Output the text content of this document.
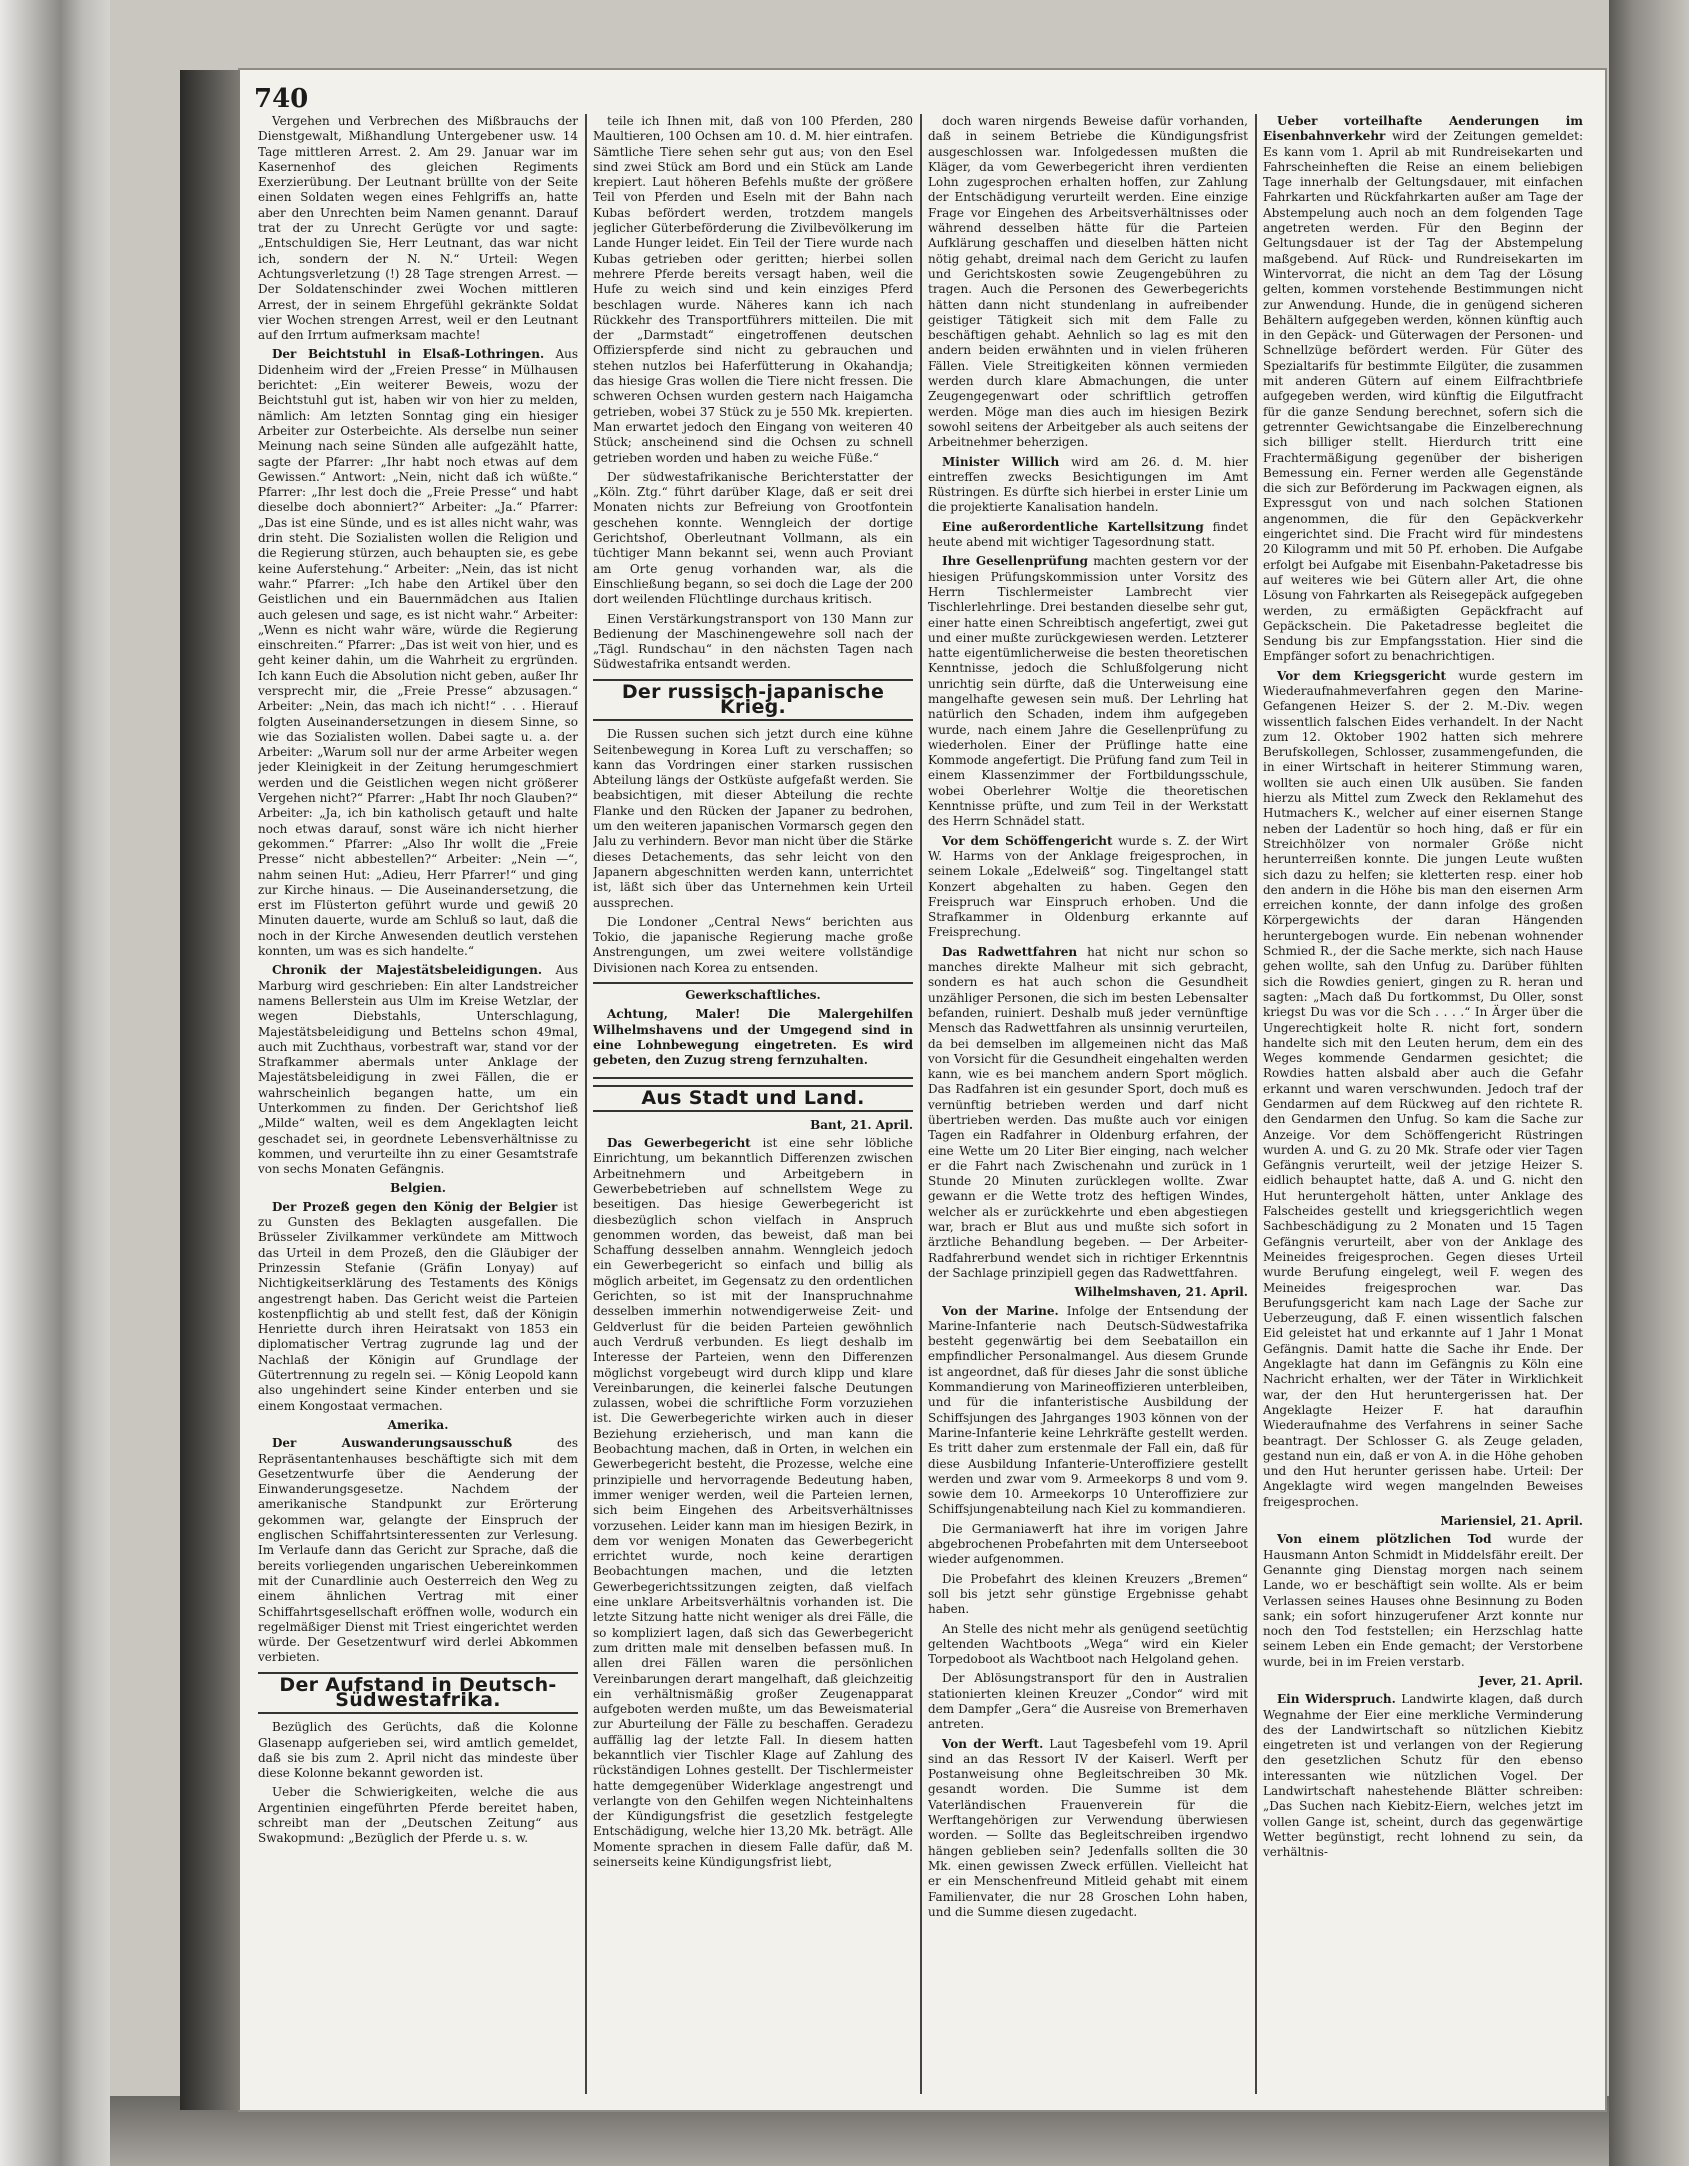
740

Vergehen und Verbrechen des Mißbrauchs der Dienstgewalt, Mißhandlung Untergebener usw. 14 Tage mittleren Arrest. 2. Am 29. Januar war im Kasernenhof des gleichen Regiments Exerzierübung. Der Leutnant brüllte von der Seite einen Soldaten wegen eines Fehlgriffs an, hatte aber den Unrechten beim Namen genannt. Darauf trat der zu Unrecht Gerügte vor und sagte: „Entschuldigen Sie, Herr Leutnant, das war nicht ich, sondern der N. N.“ Urteil: Wegen Achtungsverletzung (!) 28 Tage strengen Arrest. — Der Soldatenschinder zwei Wochen mittleren Arrest, der in seinem Ehrgefühl gekränkte Soldat vier Wochen strengen Arrest, weil er den Leutnant auf den Irrtum aufmerksam machte!

Der Beichtstuhl in Elsaß-Lothringen. Aus Didenheim wird der „Freien Presse“ in Mülhausen berichtet: „Ein weiterer Beweis, wozu der Beichtstuhl gut ist, haben wir von hier zu melden, nämlich: Am letzten Sonntag ging ein hiesiger Arbeiter zur Osterbeichte. Als derselbe nun seiner Meinung nach seine Sünden alle aufgezählt hatte, sagte der Pfarrer: „Ihr habt noch etwas auf dem Gewissen.“ Antwort: „Nein, nicht daß ich wüßte.“ Pfarrer: „Ihr lest doch die „Freie Presse“ und habt dieselbe doch abonniert?“ Arbeiter: „Ja.“ Pfarrer: „Das ist eine Sünde, und es ist alles nicht wahr, was drin steht. Die Sozialisten wollen die Religion und die Regierung stürzen, auch behaupten sie, es gebe keine Auferstehung.“ Arbeiter: „Nein, das ist nicht wahr.“ Pfarrer: „Ich habe den Artikel über den Geistlichen und ein Bauernmädchen aus Italien auch gelesen und sage, es ist nicht wahr.“ Arbeiter: „Wenn es nicht wahr wäre, würde die Regierung einschreiten.“ Pfarrer: „Das ist weit von hier, und es geht keiner dahin, um die Wahrheit zu ergründen. Ich kann Euch die Absolution nicht geben, außer Ihr versprecht mir, die „Freie Presse“ abzusagen.“ Arbeiter: „Nein, das mach ich nicht!“ . . . Hierauf folgten Auseinandersetzungen in diesem Sinne, so wie das Sozialisten wollen. Dabei sagte u. a. der Arbeiter: „Warum soll nur der arme Arbeiter wegen jeder Kleinigkeit in der Zeitung herumgeschmiert werden und die Geistlichen wegen nicht größerer Vergehen nicht?“ Pfarrer: „Habt Ihr noch Glauben?“ Arbeiter: „Ja, ich bin katholisch getauft und halte noch etwas darauf, sonst wäre ich nicht hierher gekommen.“ Pfarrer: „Also Ihr wollt die „Freie Presse“ nicht abbestellen?“ Arbeiter: „Nein —“, nahm seinen Hut: „Adieu, Herr Pfarrer!“ und ging zur Kirche hinaus. — Die Auseinandersetzung, die erst im Flüsterton geführt wurde und gewiß 20 Minuten dauerte, wurde am Schluß so laut, daß die noch in der Kirche Anwesenden deutlich verstehen konnten, um was es sich handelte.“

Chronik der Majestätsbeleidigungen. Aus Marburg wird geschrieben: Ein alter Landstreicher namens Bellerstein aus Ulm im Kreise Wetzlar, der wegen Diebstahls, Unterschlagung, Majestätsbeleidigung und Bettelns schon 49mal, auch mit Zuchthaus, vorbestraft war, stand vor der Strafkammer abermals unter Anklage der Majestätsbeleidigung in zwei Fällen, die er wahrscheinlich begangen hatte, um ein Unterkommen zu finden. Der Gerichtshof ließ „Milde“ walten, weil es dem Angeklagten leicht geschadet sei, in geordnete Lebensverhältnisse zu kommen, und verurteilte ihn zu einer Gesamtstrafe von sechs Monaten Gefängnis.

Belgien.

Der Prozeß gegen den König der Belgier ist zu Gunsten des Beklagten ausgefallen. Die Brüsseler Zivilkammer verkündete am Mittwoch das Urteil in dem Prozeß, den die Gläubiger der Prinzessin Stefanie (Gräfin Lonyay) auf Nichtigkeitserklärung des Testaments des Königs angestrengt haben. Das Gericht weist die Parteien kostenpflichtig ab und stellt fest, daß der Königin Henriette durch ihren Heiratsakt von 1853 ein diplomatischer Vertrag zugrunde lag und der Nachlaß der Königin auf Grundlage der Gütertrennung zu regeln sei. — König Leopold kann also ungehindert seine Kinder enterben und sie einem Kongostaat vermachen.

Amerika.

Der Auswanderungsausschuß	des Repräsentantenhauses beschäftigte sich mit dem Gesetzentwurfe über die Aenderung der Einwanderungsgesetze. Nachdem der amerikanische Standpunkt zur Erörterung gekommen war, gelangte der Einspruch der englischen Schiffahrtsinteressenten zur Verlesung. Im Verlaufe dann das Gericht zur Sprache, daß die bereits vorliegenden ungarischen Uebereinkommen mit der Cunardlinie auch Oesterreich den Weg zu einem ähnlichen Vertrag mit einer Schiffahrtsgesellschaft eröffnen wolle, wodurch ein regelmäßiger Dienst mit Triest eingerichtet werden würde. Der Gesetzentwurf wird derlei Abkommen verbieten.

Der Aufstand in Deutsch-Südwestafrika.

Bezüglich des Gerüchts, daß die Kolonne Glasenapp aufgerieben sei, wird amtlich gemeldet, daß sie bis zum 2. April nicht das mindeste über diese Kolonne bekannt geworden ist.

Ueber die Schwierigkeiten, welche die aus Argentinien eingeführten Pferde bereitet haben, schreibt man der „Deutschen Zeitung“ aus Swakopmund: „Bezüglich der Pferde u. s. w.

teile ich Ihnen mit, daß von 100 Pferden, 280 Maultieren, 100 Ochsen am 10. d. M. hier eintrafen. Sämtliche Tiere sehen sehr gut aus; von den Esel sind zwei Stück am Bord und ein Stück am Lande krepiert. Laut höheren Befehls mußte der größere Teil von Pferden und Eseln mit der Bahn nach Kubas befördert werden, trotzdem mangels jeglicher Güterbeförderung die Zivilbevölkerung im Lande Hunger leidet. Ein Teil der Tiere wurde nach Kubas getrieben oder geritten; hierbei sollen mehrere Pferde bereits versagt haben, weil die Hufe zu weich sind und kein einziges Pferd beschlagen wurde. Näheres kann ich nach Rückkehr des Transportführers mitteilen. Die mit der „Darmstadt“ eingetroffenen deutschen Offizierspferde sind nicht zu gebrauchen und stehen nutzlos bei Haferfütterung in Okahandja; das hiesige Gras wollen die Tiere nicht fressen. Die schweren Ochsen wurden gestern nach Haigamcha getrieben, wobei 37 Stück zu je 550 Mk. krepierten. Man erwartet jedoch den Eingang von weiteren 40 Stück; anscheinend sind die Ochsen zu schnell getrieben worden und haben zu weiche Füße.“

Der südwestafrikanische Berichterstatter der „Köln. Ztg.“ führt darüber Klage, daß er seit drei Monaten nichts zur Befreiung von Grootfontein geschehen konnte. Wenngleich der dortige Gerichtshof, Oberleutnant Vollmann, als ein tüchtiger Mann bekannt sei, wenn auch Proviant am Orte genug vorhanden war, als die Einschließung begann, so sei doch die Lage der 200 dort weilenden Flüchtlinge durchaus kritisch.

Einen Verstärkungstransport von 130 Mann zur Bedienung der Maschinengewehre soll nach der „Tägl. Rundschau“ in den nächsten Tagen nach Südwestafrika entsandt werden.

Der russisch-japanische Krieg.

Die Russen suchen sich jetzt durch eine kühne Seitenbewegung in Korea Luft zu verschaffen; so kann das Vordringen einer starken russischen Abteilung längs der Ostküste aufgefaßt werden. Sie beabsichtigen, mit dieser Abteilung die rechte Flanke und den Rücken der Japaner zu bedrohen, um den weiteren japanischen Vormarsch gegen den Jalu zu verhindern. Bevor man nicht über die Stärke dieses Detachements, das sehr leicht von den Japanern abgeschnitten werden kann, unterrichtet ist, läßt sich über das Unternehmen kein Urteil aussprechen.

Die Londoner „Central News“ berichten aus Tokio, die japanische Regierung mache große Anstrengungen, um zwei weitere vollständige Divisionen nach Korea zu entsenden.

Gewerkschaftliches.

Achtung, Maler! Die Malergehilfen Wilhelmshavens und der Umgegend sind in eine Lohnbewegung eingetreten. Es wird gebeten, den Zuzug streng fernzuhalten.

Aus Stadt und Land.
Bant, 21. April.

Das Gewerbegericht ist eine sehr löbliche Einrichtung, um bekanntlich Differenzen zwischen Arbeitnehmern und Arbeitgebern in Gewerbebetrieben auf schnellstem Wege zu beseitigen. Das hiesige Gewerbegericht ist diesbezüglich schon vielfach in Anspruch genommen worden, das beweist, daß man bei Schaffung desselben annahm. Wenngleich jedoch ein Gewerbegericht so einfach und billig als möglich arbeitet, im Gegensatz zu den ordentlichen Gerichten, so ist mit der Inanspruchnahme desselben immerhin notwendigerweise Zeit- und Geldverlust für die beiden Parteien gewöhnlich auch Verdruß verbunden. Es liegt deshalb im Interesse der Parteien, wenn den Differenzen möglichst vorgebeugt wird durch klipp und klare Vereinbarungen, die keinerlei falsche Deutungen zulassen, wobei die schriftliche Form vorzuziehen ist. Die Gewerbegerichte wirken auch in dieser Beziehung erzieherisch, und man kann die Beobachtung machen, daß in Orten, in welchen ein Gewerbegericht besteht, die Prozesse, welche eine prinzipielle und hervorragende Bedeutung haben, immer weniger werden, weil die Parteien lernen, sich beim Eingehen des Arbeitsverhältnisses vorzusehen. Leider kann man im hiesigen Bezirk, in dem vor wenigen Monaten das Gewerbegericht errichtet wurde, noch keine derartigen Beobachtungen machen, und die letzten Gewerbegerichtssitzungen zeigten, daß vielfach eine unklare Arbeitsverhältnis vorhanden ist. Die letzte Sitzung hatte nicht weniger als drei Fälle, die so kompliziert lagen, daß sich das Gewerbegericht zum dritten male mit denselben befassen muß. In allen drei Fällen waren die persönlichen Vereinbarungen derart mangelhaft, daß gleichzeitig ein verhältnismäßig großer Zeugenapparat aufgeboten werden mußte, um das Beweismaterial zur Aburteilung der Fälle zu beschaffen. Geradezu auffällig lag der letzte Fall. In diesem hatten bekanntlich vier Tischler Klage auf Zahlung des rückständigen Lohnes gestellt. Der Tischlermeister hatte demgegenüber Widerklage angestrengt und verlangte von den Gehilfen wegen Nichteinhaltens der Kündigungsfrist die gesetzlich festgelegte Entschädigung, welche hier 13,20 Mk. beträgt. Alle Momente sprachen in diesem Falle dafür, daß M. seinerseits keine Kündigungsfrist liebt,

doch waren nirgends Beweise dafür vorhanden, daß in seinem Betriebe die Kündigungsfrist ausgeschlossen war. Infolgedessen mußten die Kläger, da vom Gewerbegericht ihren verdienten Lohn zugesprochen erhalten hoffen, zur Zahlung der Entschädigung verurteilt werden. Eine einzige Frage vor Eingehen des Arbeitsverhältnisses oder während desselben hätte für die Parteien Aufklärung geschaffen und dieselben hätten nicht nötig gehabt, dreimal nach dem Gericht zu laufen und Gerichtskosten sowie Zeugengebühren zu tragen. Auch die Personen des Gewerbegerichts hätten dann nicht stundenlang in aufreibender geistiger Tätigkeit sich mit dem Falle zu beschäftigen gehabt. Aehnlich so lag es mit den andern beiden erwähnten und in vielen früheren Fällen. Viele Streitigkeiten können vermieden werden durch klare Abmachungen, die unter Zeugengegenwart oder schriftlich getroffen werden. Möge man dies auch im hiesigen Bezirk sowohl seitens der Arbeitgeber als auch seitens der Arbeitnehmer beherzigen.

Minister Willich wird am 26. d. M. hier eintreffen zwecks Besichtigungen im Amt Rüstringen. Es dürfte sich hierbei in erster Linie um die projektierte Kanalisation handeln.

Eine außerordentliche Kartellsitzung findet heute abend mit wichtiger Tagesordnung statt.

Ihre Gesellenprüfung machten gestern vor der hiesigen Prüfungskommission unter Vorsitz des Herrn Tischlermeister Lambrecht vier Tischlerlehrlinge. Drei bestanden dieselbe sehr gut, einer hatte einen Schreibtisch angefertigt, zwei gut und einer mußte zurückgewiesen werden. Letzterer hatte eigentümlicherweise die besten theoretischen Kenntnisse, jedoch die Schlußfolgerung nicht unrichtig sein dürfte, daß die Unterweisung eine mangelhafte gewesen sein muß. Der Lehrling hat natürlich den Schaden, indem ihm aufgegeben wurde, nach einem Jahre die Gesellenprüfung zu wiederholen. Einer der Prüflinge hatte eine Kommode angefertigt. Die Prüfung fand zum Teil in einem Klassenzimmer der Fortbildungsschule, wobei Oberlehrer Woltje die theoretischen Kenntnisse prüfte, und zum Teil in der Werkstatt des Herrn Schnädel statt.

Vor dem Schöffengericht wurde s. Z. der Wirt W. Harms von der Anklage freigesprochen, in seinem Lokale „Edelweiß“ sog. Tingeltangel statt Konzert abgehalten zu haben. Gegen den Freispruch war Einspruch erhoben. Und die Strafkammer in Oldenburg erkannte auf Freisprechung.

Das Radwettfahren hat nicht nur schon so manches direkte Malheur mit sich gebracht, sondern es hat auch schon die Gesundheit unzähliger Personen, die sich im besten Lebensalter befanden, ruiniert. Deshalb muß jeder vernünftige Mensch das Radwettfahren als unsinnig verurteilen, da bei demselben im allgemeinen nicht das Maß von Vorsicht für die Gesundheit eingehalten werden kann, wie es bei manchem andern Sport möglich. Das Radfahren ist ein gesunder Sport, doch muß es vernünftig betrieben werden und darf nicht übertrieben werden. Das mußte auch vor einigen Tagen ein Radfahrer in Oldenburg erfahren, der eine Wette um 20 Liter Bier einging, nach welcher er die Fahrt nach Zwischenahn und zurück in 1 Stunde 20 Minuten zurücklegen wollte. Zwar gewann er die Wette trotz des heftigen Windes, welcher als er zurückkehrte und eben abgestiegen war, brach er Blut aus und mußte sich sofort in ärztliche Behandlung begeben. — Der Arbeiter-Radfahrerbund wendet sich in richtiger Erkenntnis der Sachlage prinzipiell gegen das Radwettfahren.

Wilhelmshaven, 21. April.

Von der Marine. Infolge der Entsendung der Marine-Infanterie nach Deutsch-Südwestafrika besteht gegenwärtig bei dem Seebataillon ein empfindlicher Personalmangel. Aus diesem Grunde ist angeordnet, daß für dieses Jahr die sonst übliche Kommandierung von Marineoffizieren unterbleiben, und für die infanteristische Ausbildung der Schiffsjungen des Jahrganges 1903 können von der Marine-Infanterie keine Lehrkräfte gestellt werden. Es tritt daher zum erstenmale der Fall ein, daß für diese Ausbildung Infanterie-Unteroffiziere gestellt werden und zwar vom 9. Armeekorps 8 und vom 9. sowie dem 10. Armeekorps 10 Unteroffiziere zur Schiffsjungenabteilung nach Kiel zu kommandieren.

Die Germaniawerft hat ihre im vorigen Jahre abgebrochenen Probefahrten mit dem Unterseeboot wieder aufgenommen.

Die Probefahrt des kleinen Kreuzers „Bremen“ soll bis jetzt sehr günstige Ergebnisse gehabt haben.

An Stelle des nicht mehr als genügend seetüchtig geltenden Wachtboots „Wega“ wird ein Kieler Torpedoboot als Wachtboot nach Helgoland gehen.

Der Ablösungstransport für den in Australien stationierten kleinen Kreuzer „Condor“ wird mit dem Dampfer „Gera“ die Ausreise von Bremerhaven antreten.

Von der Werft. Laut Tagesbefehl vom 19. April sind an das Ressort IV der Kaiserl. Werft per Postanweisung ohne Begleitschreiben 30 Mk. gesandt worden. Die Summe ist dem Vaterländischen Frauenverein für die Werftangehörigen zur Verwendung überwiesen worden. — Sollte das Begleitschreiben irgendwo hängen geblieben sein? Jedenfalls sollten die 30 Mk. einen gewissen Zweck erfüllen. Vielleicht hat er ein Menschenfreund Mitleid gehabt mit einem Familienvater, die nur 28 Groschen Lohn haben, und die Summe diesen zugedacht.

Ueber vorteilhafte Aenderungen im Eisenbahnverkehr wird der Zeitungen gemeldet: Es kann vom 1. April ab mit Rundreisekarten und Fahrscheinheften die Reise an einem beliebigen Tage innerhalb der Geltungsdauer, mit einfachen Fahrkarten und Rückfahrkarten außer am Tage der Abstempelung auch noch an dem folgenden Tage angetreten werden. Für den Beginn der Geltungsdauer ist der Tag der Abstempelung maßgebend. Auf Rück- und Rundreisekarten im Wintervorrat, die nicht an dem Tag der Lösung gelten, kommen vorstehende Bestimmungen nicht zur Anwendung. Hunde, die in genügend sicheren Behältern aufgegeben werden, können künftig auch in den Gepäck- und Güterwagen der Personen- und Schnellzüge befördert werden. Für Güter des Spezialtarifs für bestimmte Eilgüter, die zusammen mit anderen Gütern auf einem Eilfrachtbriefe aufgegeben werden, wird künftig die Eilgutfracht für die ganze Sendung berechnet, sofern sich die getrennter Gewichtsangabe die Einzelberechnung sich billiger stellt. Hierdurch tritt eine Frachtermäßigung gegenüber der bisherigen Bemessung ein. Ferner werden alle Gegenstände die sich zur Beförderung im Packwagen eignen, als Expressgut von und nach solchen Stationen angenommen, die für den Gepäckverkehr eingerichtet sind. Die Fracht wird für mindestens 20 Kilogramm und mit 50 Pf. erhoben. Die Aufgabe erfolgt bei Aufgabe mit Eisenbahn-Paketadresse bis auf weiteres wie bei Gütern aller Art, die ohne Lösung von Fahrkarten als Reisegepäck aufgegeben werden, zu ermäßigten Gepäckfracht auf Gepäckschein. Die Paketadresse begleitet die Sendung bis zur Empfangsstation. Hier sind die Empfänger sofort zu benachrichtigen.

Vor dem Kriegsgericht wurde gestern im Wiederaufnahmeverfahren gegen den Marine-Gefangenen Heizer S. der 2. M.-Div. wegen wissentlich falschen Eides verhandelt. In der Nacht zum 12. Oktober 1902 hatten sich mehrere Berufskollegen, Schlosser, zusammengefunden, die in einer Wirtschaft in heiterer Stimmung waren, wollten sie auch einen Ulk ausüben. Sie fanden hierzu als Mittel zum Zweck den Reklamehut des Hutmachers K., welcher auf einer eisernen Stange neben der Ladentür so hoch hing, daß er für ein Streichhölzer von normaler Größe nicht herunterreißen konnte. Die jungen Leute wußten sich dazu zu helfen; sie kletterten resp. einer hob den andern in die Höhe bis man den eisernen Arm erreichen konnte, der dann infolge des großen Körpergewichts der daran Hängenden heruntergebogen wurde. Ein nebenan wohnender Schmied R., der die Sache merkte, sich nach Hause gehen wollte, sah den Unfug zu. Darüber fühlten sich die Rowdies geniert, gingen zu R. heran und sagten: „Mach daß Du fortkommst, Du Oller, sonst kriegst Du was vor die Sch . . . .“ In Ärger über die Ungerechtigkeit holte R. nicht fort, sondern handelte sich mit den Leuten herum, dem ein des Weges kommende Gendarmen gesichtet; die Rowdies hatten alsbald aber auch die Gefahr erkannt und waren verschwunden. Jedoch traf der Gendarmen auf dem Rückweg auf den richtete R. den Gendarmen den Unfug. So kam die Sache zur Anzeige. Vor dem Schöffengericht Rüstringen wurden A. und G. zu 20 Mk. Strafe oder vier Tagen Gefängnis verurteilt, weil der jetzige Heizer S. eidlich behauptet hatte, daß A. und G. nicht den Hut heruntergeholt hätten, unter Anklage des Falscheides gestellt und kriegsgerichtlich wegen Sachbeschädigung zu 2 Monaten und 15 Tagen Gefängnis verurteilt, aber von der Anklage des Meineides freigesprochen. Gegen dieses Urteil wurde Berufung eingelegt, weil F. wegen des Meineides freigesprochen war. Das Berufungsgericht kam nach Lage der Sache zur Ueberzeugung, daß F. einen wissentlich falschen Eid geleistet hat und erkannte auf 1 Jahr 1 Monat Gefängnis. Damit hatte die Sache ihr Ende. Der Angeklagte hat dann im Gefängnis zu Köln eine Nachricht erhalten, wer der Täter in Wirklichkeit war, der den Hut heruntergerissen hat. Der Angeklagte Heizer F. hat daraufhin Wiederaufnahme des Verfahrens in seiner Sache beantragt. Der Schlosser G. als Zeuge geladen, gestand nun ein, daß er von A. in die Höhe gehoben und den Hut herunter gerissen habe. Urteil: Der Angeklagte wird wegen mangelnden Beweises freigesprochen.

Mariensiel, 21. April.

Von einem plötzlichen Tod wurde der Hausmann Anton Schmidt in Middelsfähr ereilt. Der Genannte ging Dienstag morgen nach seinem Lande, wo er beschäftigt sein wollte. Als er beim Verlassen seines Hauses ohne Besinnung zu Boden sank; ein sofort hinzugerufener Arzt konnte nur noch den Tod feststellen; ein Herzschlag hatte seinem Leben ein Ende gemacht; der Verstorbene wurde, bei in im Freien verstarb.

Jever, 21. April.

Ein Widerspruch. Landwirte klagen, daß durch Wegnahme der Eier eine merkliche Verminderung des der Landwirtschaft so nützlichen Kiebitz eingetreten ist und verlangen von der Regierung den gesetzlichen Schutz für den ebenso interessanten wie nützlichen Vogel. Der Landwirtschaft nahestehende Blätter schreiben: „Das Suchen nach Kiebitz-Eiern, welches jetzt im vollen Gange ist, scheint, durch das gegenwärtige Wetter begünstigt, recht lohnend zu sein, da verhältnis-
